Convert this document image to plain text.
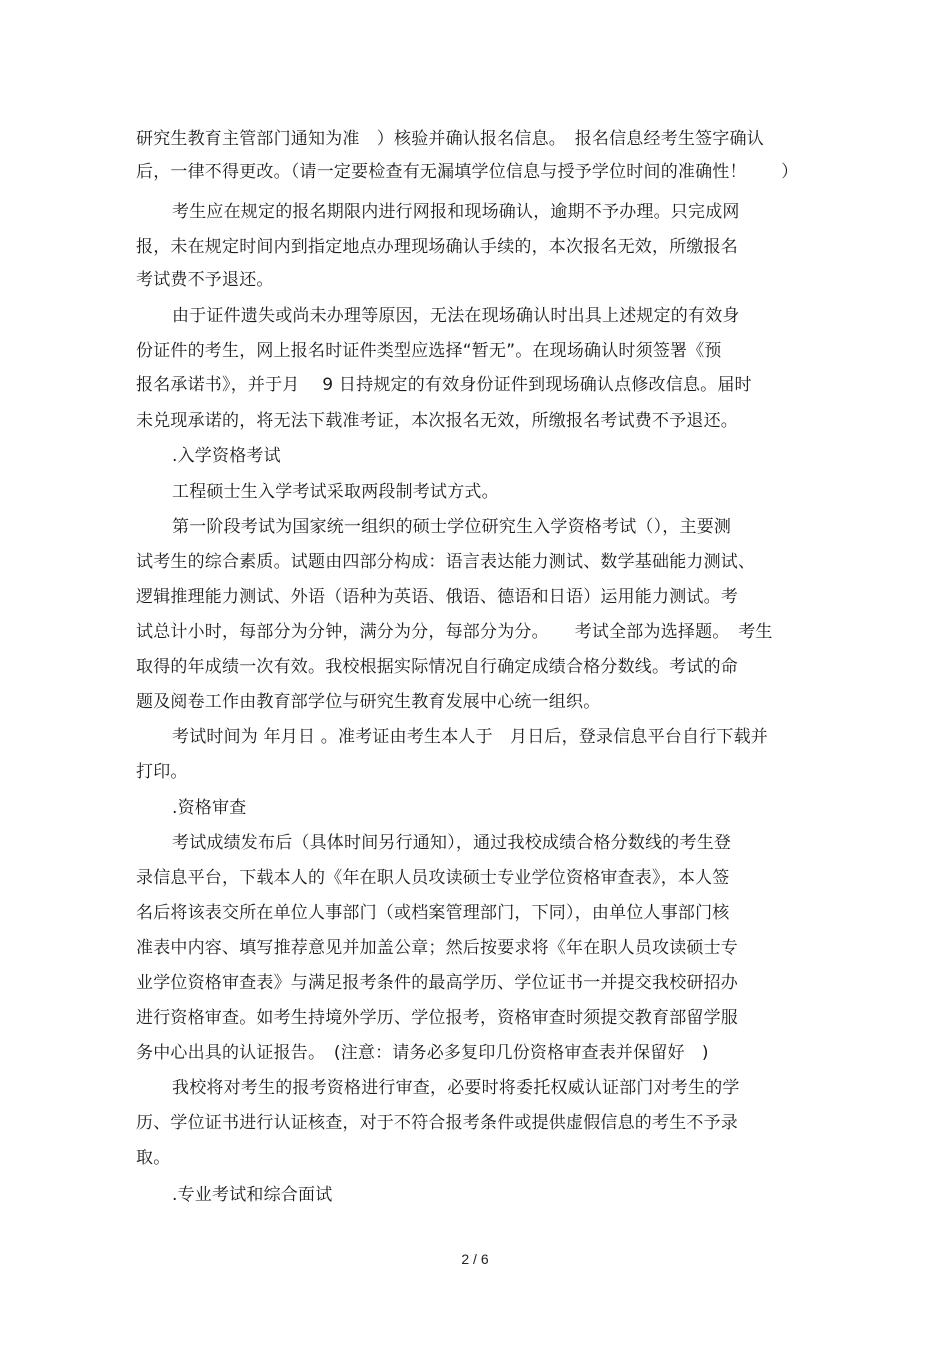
研究生教育主管部门通知为准　）核验并确认报名信息。　报名信息经考生签字确认
后，一律不得更改。（请一定要检查有无漏填学位信息与授予学位时间的准确性！　　）
考生应在规定的报名期限内进行网报和现场确认，逾期不予办理。只完成网
报，未在规定时间内到指定地点办理现场确认手续的，本次报名无效，所缴报名
考试费不予退还。
由于证件遗失或尚未办理等原因，无法在现场确认时出具上述规定的有效身
份证件的考生，网上报名时证件类型应选择“暂无”。在现场确认时须签署《预
报名承诺书》，并于月　 9 日持规定的有效身份证件到现场确认点修改信息。届时
未兑现承诺的，将无法下载准考证，本次报名无效，所缴报名考试费不予退还。
.入学资格考试
工程硕士生入学考试采取两段制考试方式。
第一阶段考试为国家统一组织的硕士学位研究生入学资格考试（），主要测
试考生的综合素质。试题由四部分构成：语言表达能力测试、数学基础能力测试、
逻辑推理能力测试、外语（语种为英语、俄语、德语和日语）运用能力测试。考
试总计小时，每部分为分钟，满分为分，每部分为分。　　考试全部为选择题。　考生
取得的年成绩一次有效。我校根据实际情况自行确定成绩合格分数线。考试的命
题及阅卷工作由教育部学位与研究生教育发展中心统一组织。
考试时间为 年月日 。准考证由考生本人于　月日后，登录信息平台自行下载并
打印。
.资格审查
考试成绩发布后（具体时间另行通知），通过我校成绩合格分数线的考生登
录信息平台，下载本人的《年在职人员攻读硕士专业学位资格审查表》，本人签
名后将该表交所在单位人事部门（或档案管理部门，下同），由单位人事部门核
准表中内容、填写推荐意见并加盖公章；然后按要求将《年在职人员攻读硕士专
业学位资格审查表》与满足报考条件的最高学历、学位证书一并提交我校研招办
进行资格审查。如考生持境外学历、学位报考，资格审查时须提交教育部留学服
务中心出具的认证报告。　(注意：请务必多复印几份资格审查表并保留好　)
我校将对考生的报考资格进行审查，必要时将委托权威认证部门对考生的学
历、学位证书进行认证核查，对于不符合报考条件或提供虚假信息的考生不予录
取。
.专业考试和综合面试
2 / 6
